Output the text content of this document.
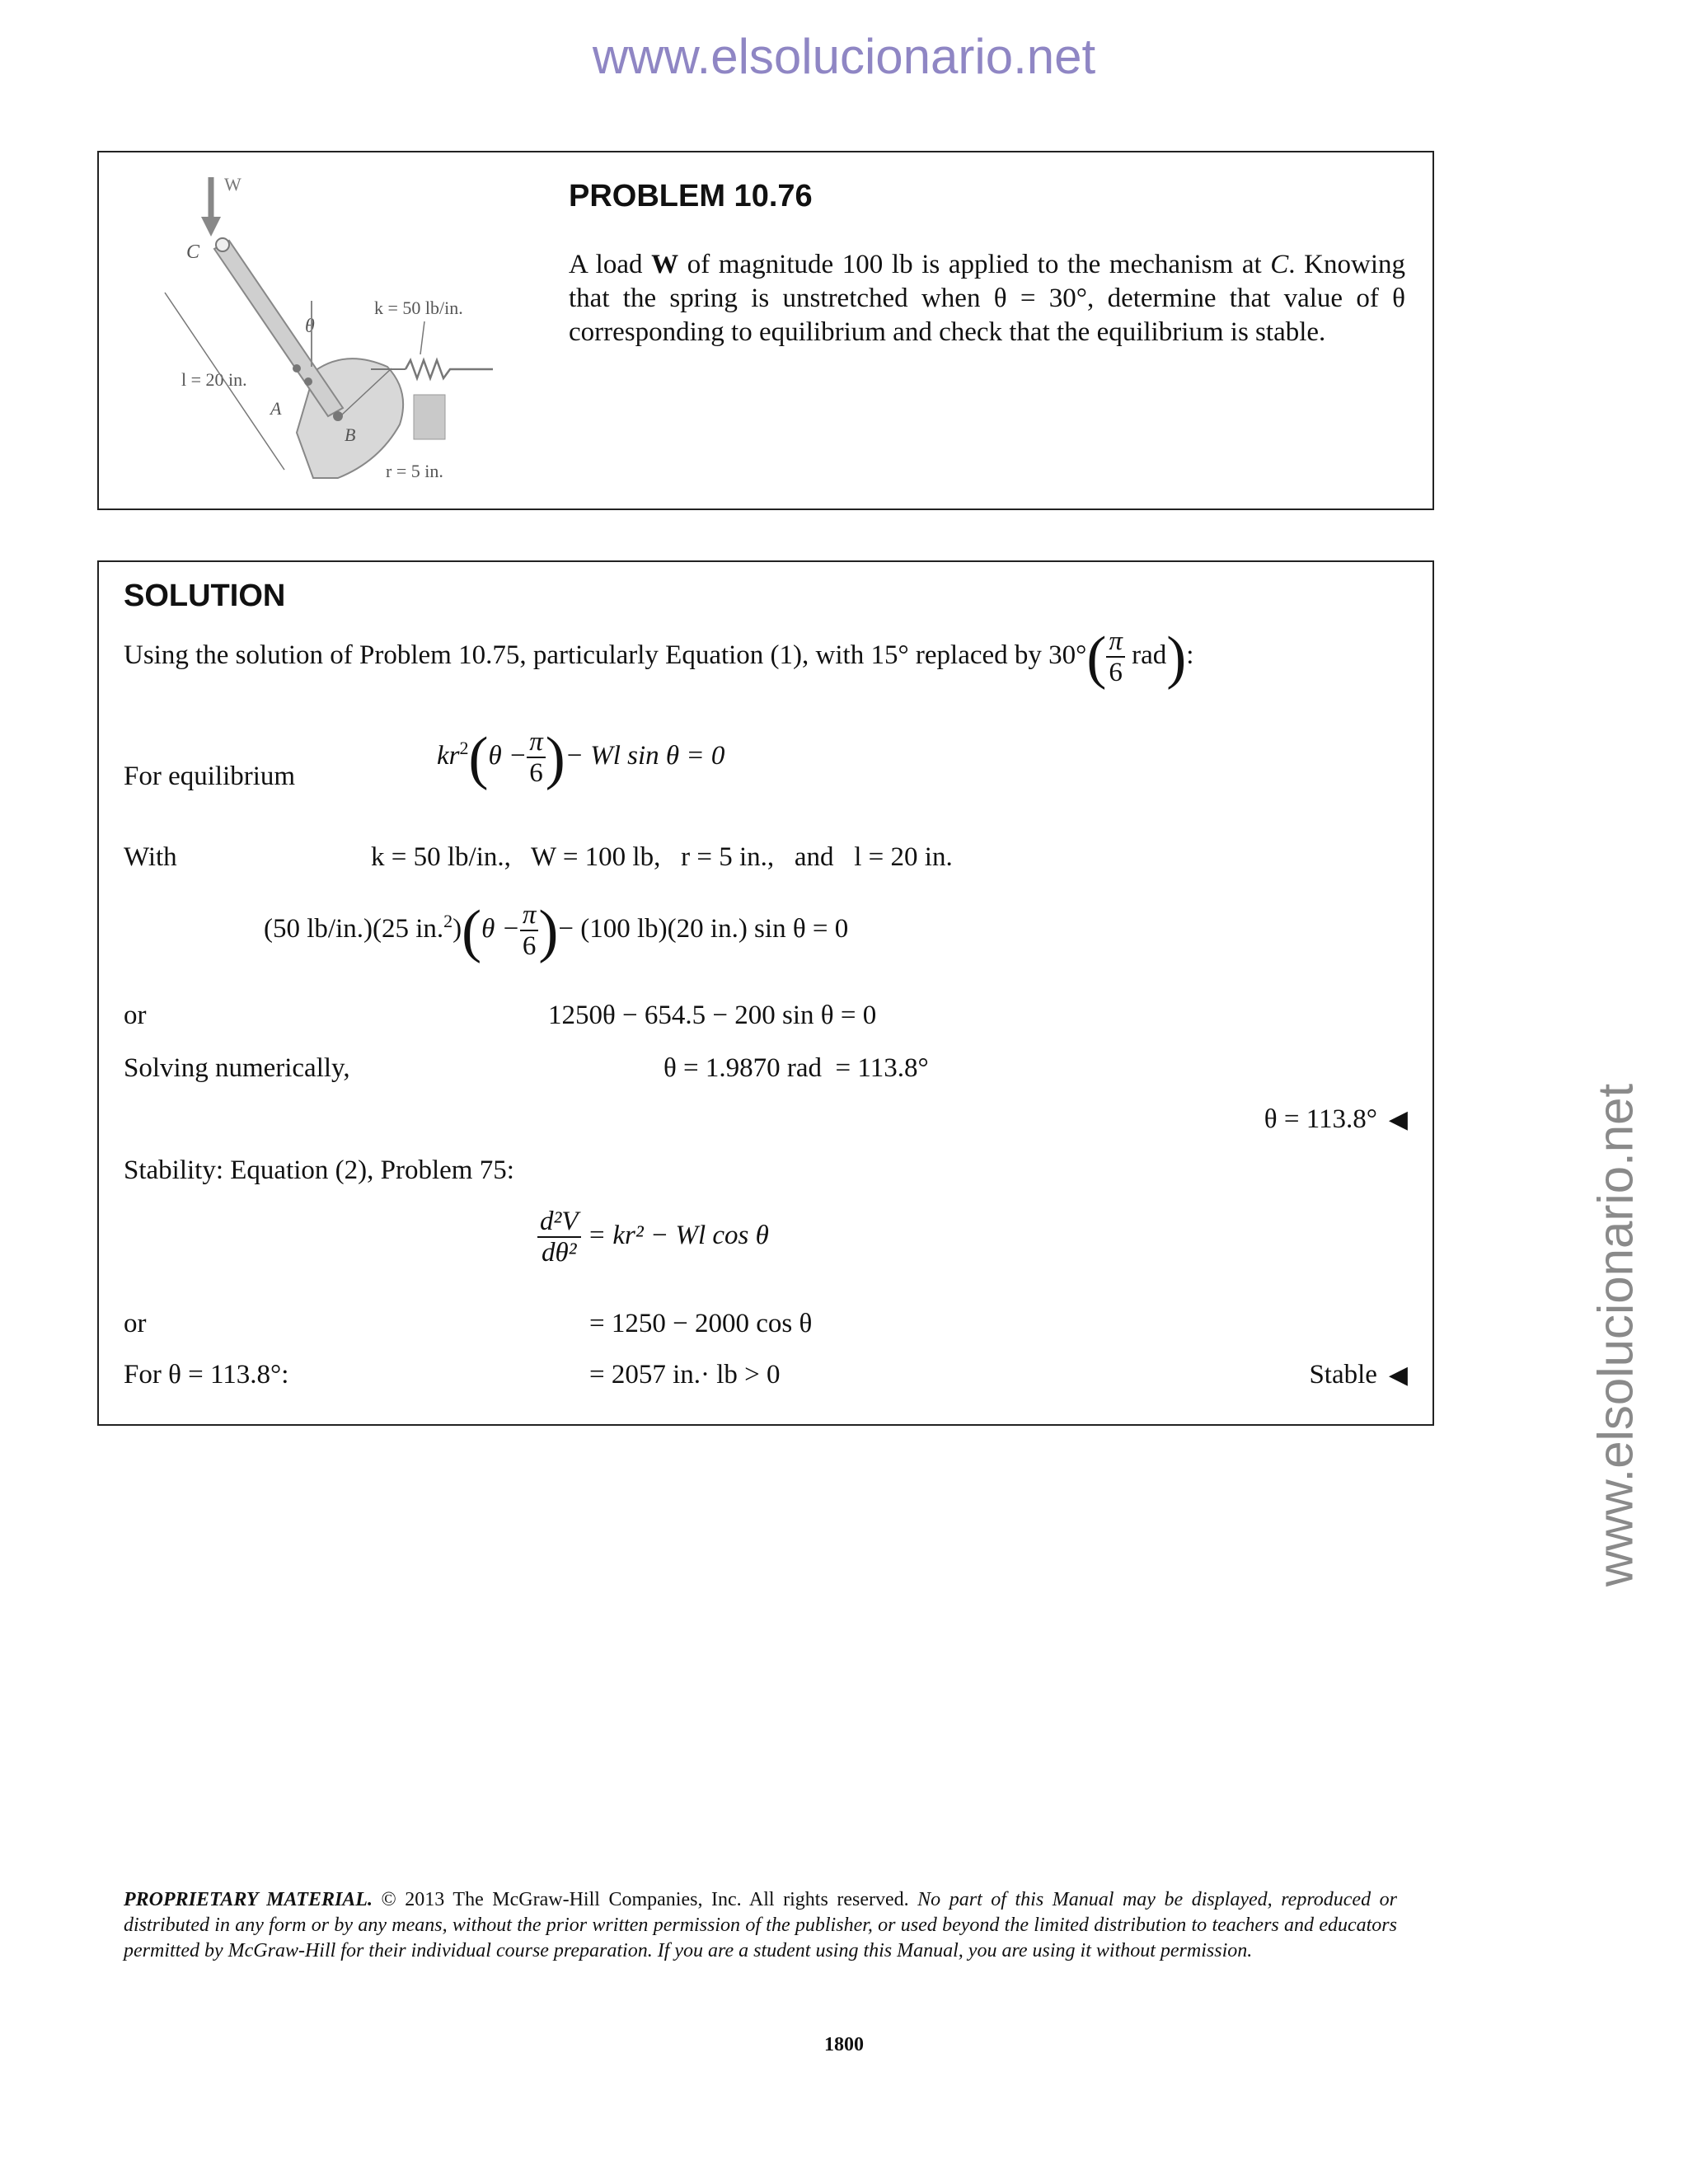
www.elsolucionario.net
www.elsolucionario.net
W
C
A
B
θ
k = 50 lb/in.
l = 20 in.
r = 5 in.
PROBLEM 10.76
A load W of magnitude 100 lb is applied to the mechanism at C. Knowing that the spring is unstretched when θ = 30°, determine that value of θ corresponding to equilibrium and check that the equilibrium is stable.
SOLUTION
Using the solution of Problem 10.75, particularly Equation (1), with 15° replaced by $30^\circ( \frac{\pi}{6} rad)$:
For equilibrium
$kr^2(\theta - \frac{\pi}{6}$ )− Wl sin θ = 0
With	k = 50 lb/in.,   W = 100 lb,   r = 5 in.,   and   l = 20 in.
(50 lb/in.)(25 $in.^2)(\theta - \frac{\pi}{6}$ )− (100 lb)(20 in.) sin θ = 0
or	1250θ − 654.5 − 200 sin θ = 0
Solving numerically,	θ = 1.9870 rad  = 113.8°
θ = 113.8° ◀
Stability: Equation (2), Problem 75:
$\frac{\text{d²V}}{\text{dθ²}} = kr^2 - Wl$ cos θ
or	= 1250 − 2000 cos θ
For θ = 113.8°:	= 2057 in.· lb > 0	Stable ◀
PROPRIETARY MATERIAL. © 2013 The McGraw-Hill Companies, Inc. All rights reserved. No part of this Manual may be displayed, reproduced or distributed in any form or by any means, without the prior written permission of the publisher, or used beyond the limited distribution to teachers and educators permitted by McGraw-Hill for their individual course preparation. If you are a student using this Manual, you are using it without permission.
1800
